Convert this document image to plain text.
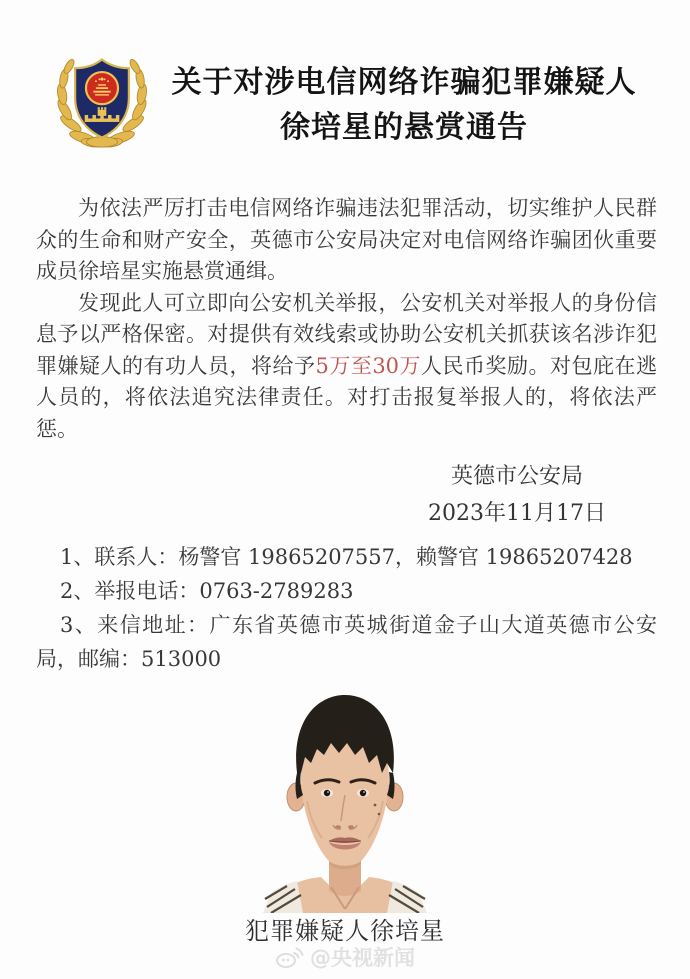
关于对涉电信网络诈骗犯罪嫌疑人
徐培星的悬赏通告

为依法严厉打击电信网络诈骗违法犯罪活动，切实维护人民群众的生命和财产安全，英德市公安局决定对电信网络诈骗团伙重要成员徐培星实施悬赏通缉。

发现此人可立即向公安机关举报，公安机关对举报人的身份信息予以严格保密。对提供有效线索或协助公安机关抓获该名涉诈犯罪嫌疑人的有功人员，将给予5万至30万人民币奖励。对包庇在逃人员的，将依法追究法律责任。对打击报复举报人的，将依法严惩。

英德市公安局
2023年11月17日

1、联系人：杨警官 19865207557，赖警官 19865207428

2、举报电话：0763-2789283

3、来信地址：广东省英德市英城街道金子山大道英德市公安局，邮编：513000

犯罪嫌疑人徐培星
@央视新闻
